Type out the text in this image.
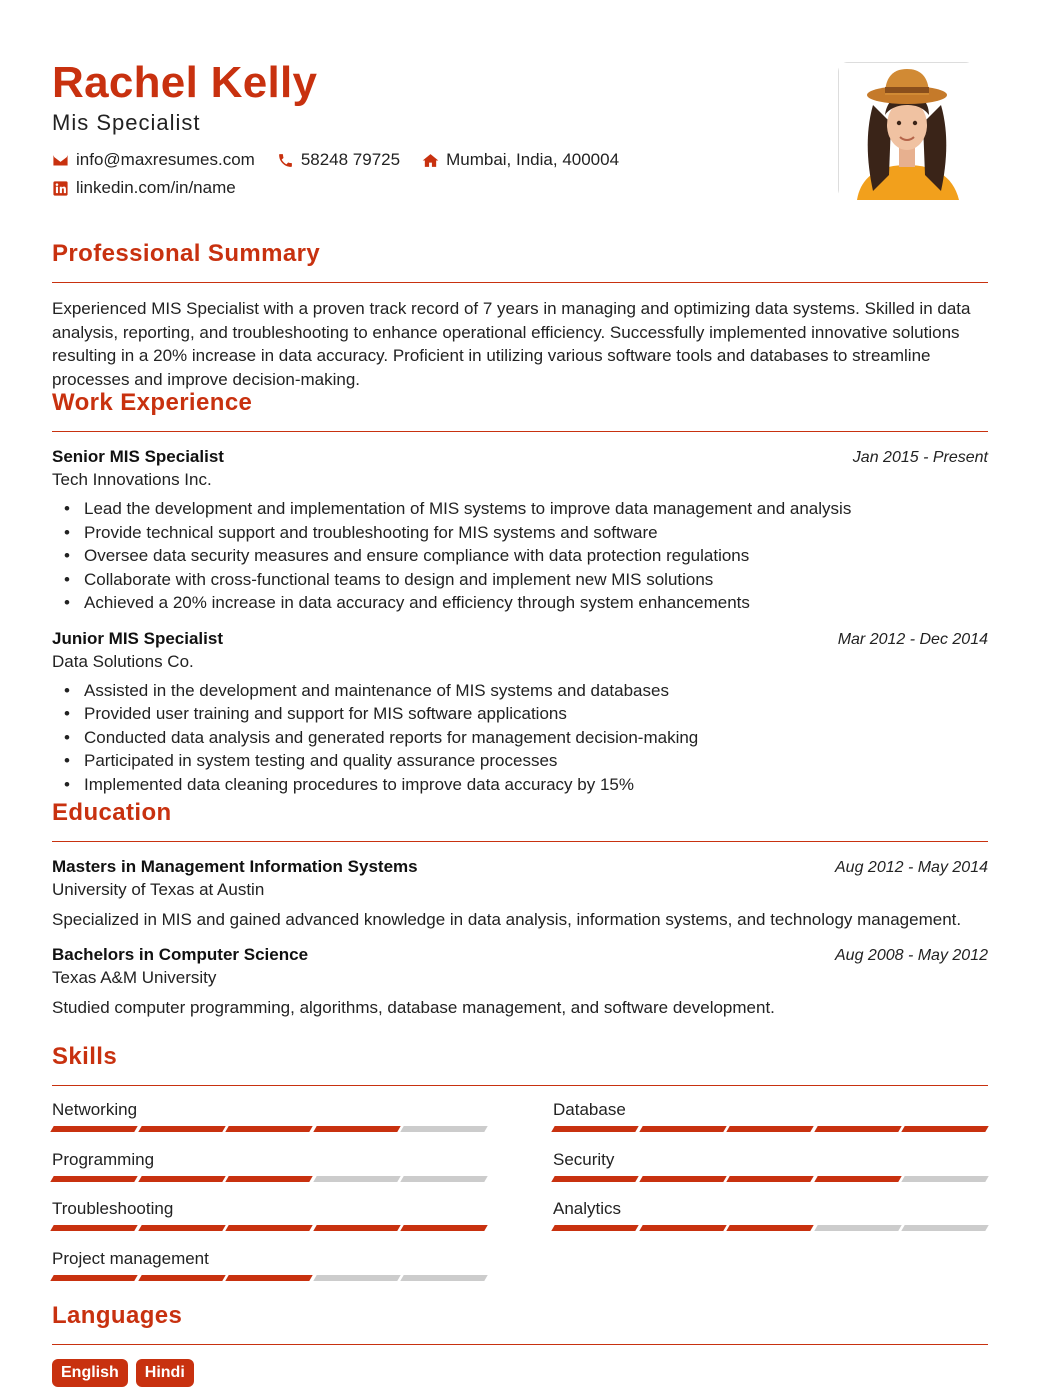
Rachel Kelly
Mis Specialist
info@maxresumes.com	58248 79725	Mumbai, India, 400004
linkedin.com/in/name
Professional Summary
Experienced MIS Specialist with a proven track record of 7 years in managing and optimizing data systems. Skilled in data analysis, reporting, and troubleshooting to enhance operational efficiency. Successfully implemented innovative solutions resulting in a 20% increase in data accuracy. Proficient in utilizing various software tools and databases to streamline processes and improve decision-making.
Work Experience
Senior MIS Specialist	Jan 2015 - Present
Tech Innovations Inc.
• Lead the development and implementation of MIS systems to improve data management and analysis
• Provide technical support and troubleshooting for MIS systems and software
• Oversee data security measures and ensure compliance with data protection regulations
• Collaborate with cross-functional teams to design and implement new MIS solutions
• Achieved a 20% increase in data accuracy and efficiency through system enhancements
Junior MIS Specialist	Mar 2012 - Dec 2014
Data Solutions Co.
• Assisted in the development and maintenance of MIS systems and databases
• Provided user training and support for MIS software applications
• Conducted data analysis and generated reports for management decision-making
• Participated in system testing and quality assurance processes
• Implemented data cleaning procedures to improve data accuracy by 15%
Education
Masters in Management Information Systems	Aug 2012 - May 2014
University of Texas at Austin
Specialized in MIS and gained advanced knowledge in data analysis, information systems, and technology management.
Bachelors in Computer Science	Aug 2008 - May 2012
Texas A&M University
Studied computer programming, algorithms, database management, and software development.
Skills
Networking	Database
Programming	Security
Troubleshooting	Analytics
Project management
Languages
English	Hindi
